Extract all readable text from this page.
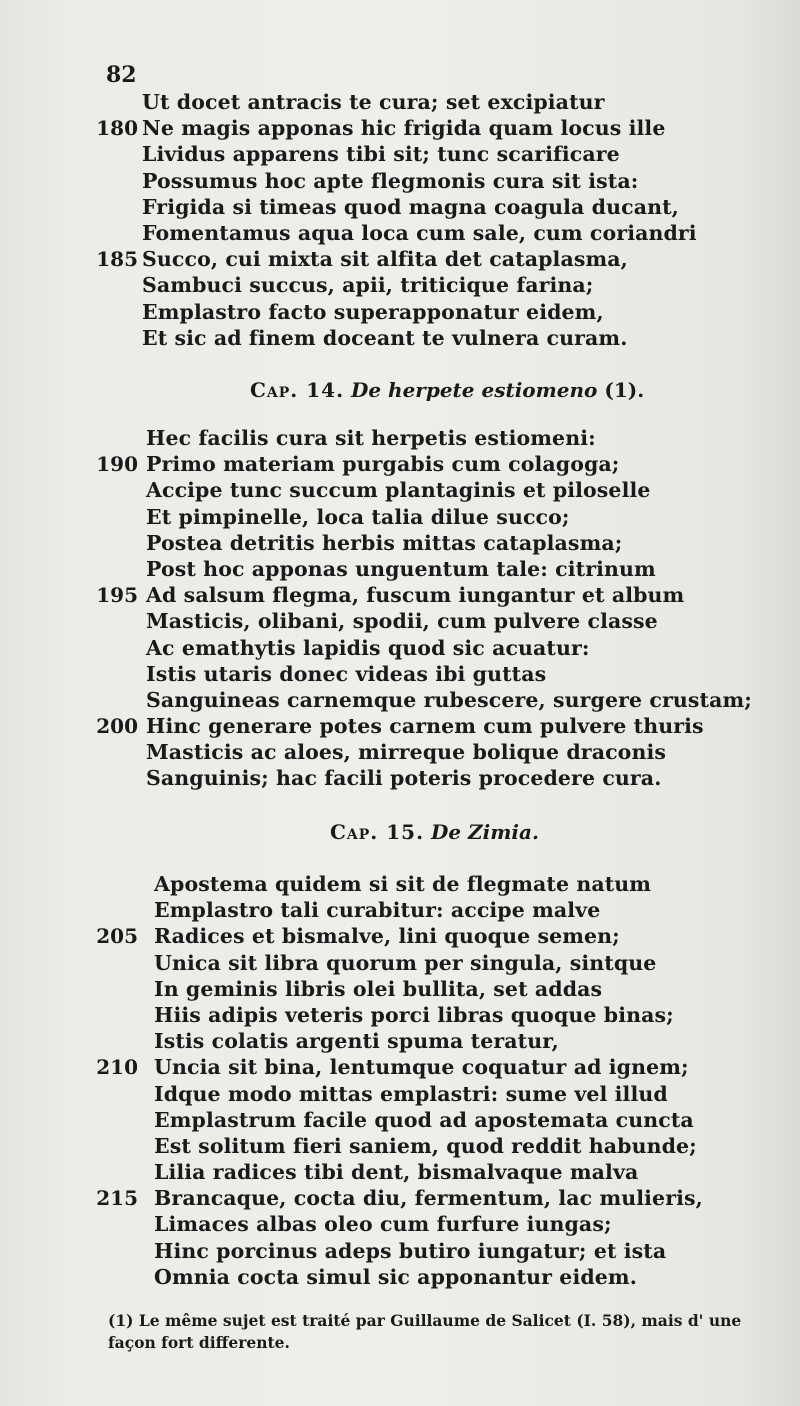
82
Ut docet antracis te cura; set excipiatur
180 Ne magis apponas hic frigida quam locus ille
Lividus apparens tibi sit; tunc scarificare
Possumus hoc apte flegmonis cura sit ista:
Frigida si timeas quod magna coagula ducant,
Fomentamus aqua loca cum sale, cum coriandri
185 Succo, cui mixta sit alfita det cataplasma,
Sambuci succus, apii, triticique farina;
Emplastro facto superapponatur eidem,
Et sic ad finem doceant te vulnera curam.
Cap. 14. De herpete estiomeno (1).
Hec facilis cura sit herpetis estiomeni:
190 Primo materiam purgabis cum colagoga;
Accipe tunc succum plantaginis et piloselle
Et pimpinelle, loca talia dilue succo;
Postea detritis herbis mittas cataplasma;
Post hoc apponas unguentum tale: citrinum
195 Ad salsum flegma, fuscum iungantur et album
Masticis, olibani, spodii, cum pulvere classe
Ac emathytis lapidis quod sic acuatur:
Istis utaris donec videas ibi guttas
Sanguineas carnemque rubescere, surgere crustam;
200 Hinc generare potes carnem cum pulvere thuris
Masticis ac aloes, mirreque bolique draconis
Sanguinis; hac facili poteris procedere cura.
Cap. 15. De Zimia.
Apostema quidem si sit de flegmate natum
Emplastro tali curabitur: accipe malve
205 Radices et bismalve, lini quoque semen;
Unica sit libra quorum per singula, sintque
In geminis libris olei bullita, set addas
Hiis adipis veteris porci libras quoque binas;
Istis colatis argenti spuma teratur,
210 Uncia sit bina, lentumque coquatur ad ignem;
Idque modo mittas emplastri: sume vel illud
Emplastrum facile quod ad apostemata cuncta
Est solitum fieri saniem, quod reddit habunde;
Lilia radices tibi dent, bismalvaque malva
215 Brancaque, cocta diu, fermentum, lac mulieris,
Limaces albas oleo cum furfure iungas;
Hinc porcinus adeps butiro iungatur; et ista
Omnia cocta simul sic apponantur eidem.
(1) Le même sujet est traité par Guillaume de Salicet (I. 58), mais d' une
façon fort differente.
